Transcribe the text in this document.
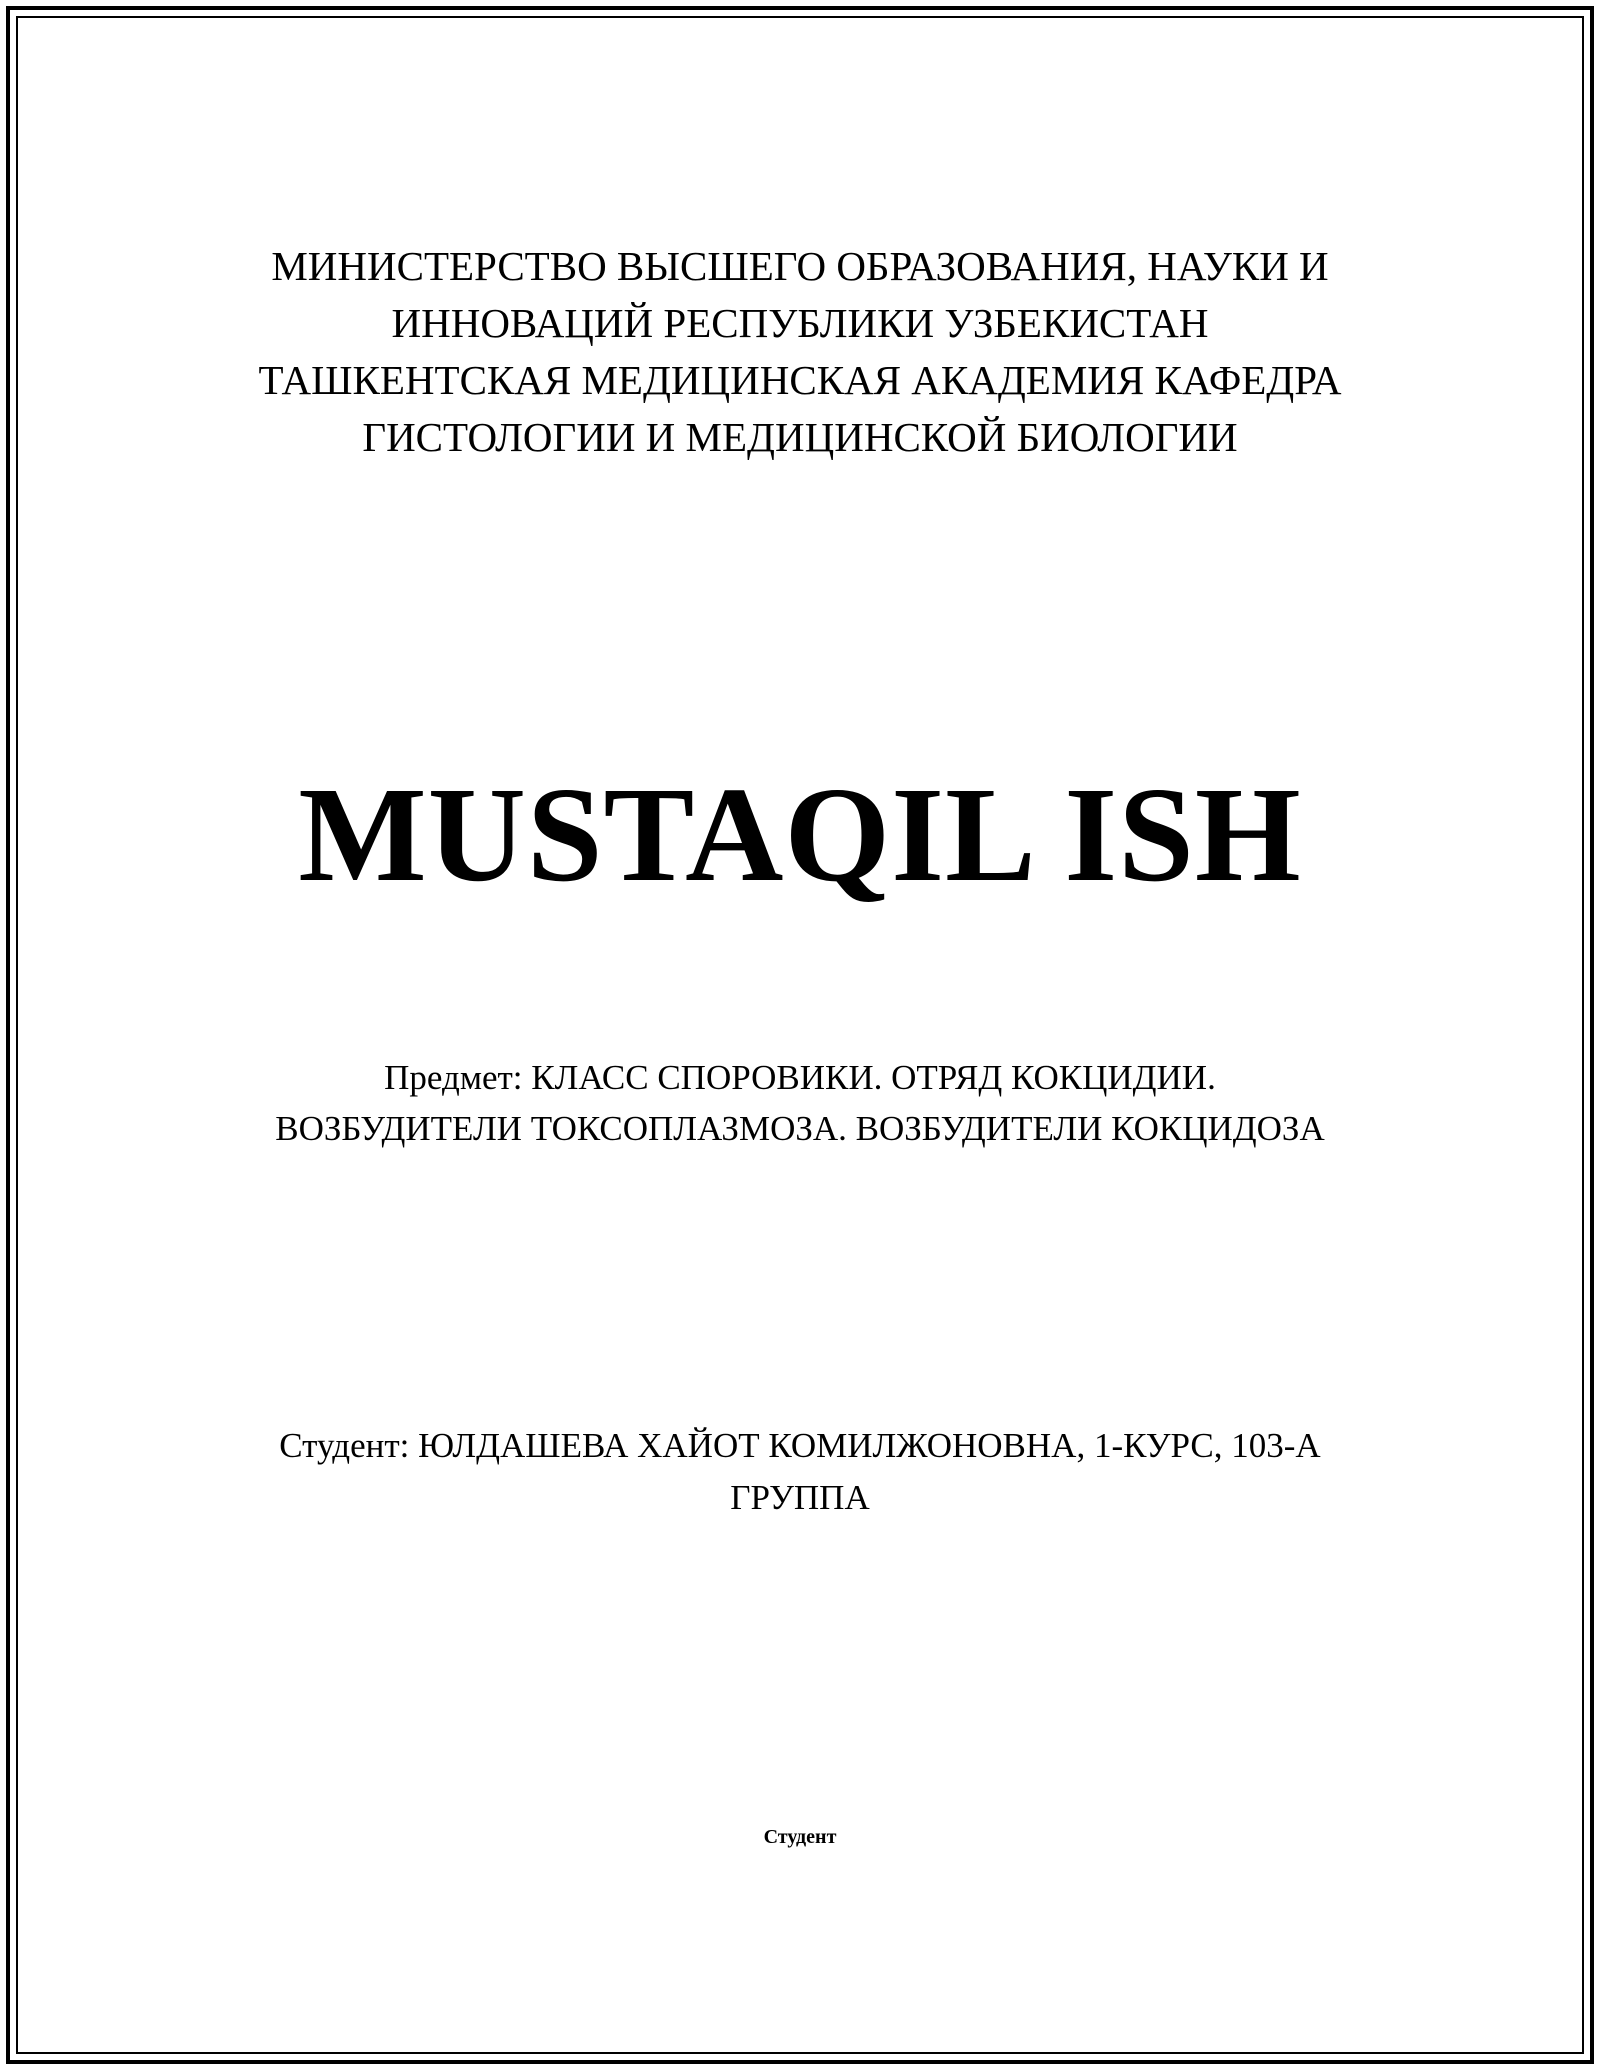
МИНИСТЕРСТВО ВЫСШЕГО ОБРАЗОВАНИЯ, НАУКИ И
ИННОВАЦИЙ РЕСПУБЛИКИ УЗБЕКИСТАН
ТАШКЕНТСКАЯ МЕДИЦИНСКАЯ АКАДЕМИЯ КАФЕДРА
ГИСТОЛОГИИ И МЕДИЦИНСКОЙ БИОЛОГИИ
MUSTAQIL ISH
Предмет: КЛАСС СПОРОВИКИ. ОТРЯД КОКЦИДИИ.
ВОЗБУДИТЕЛИ ТОКСОПЛАЗМОЗА. ВОЗБУДИТЕЛИ КОКЦИДОЗА
Студент: ЮЛДАШЕВА ХАЙОТ КОМИЛЖОНОВНА, 1-КУРС, 103-А
ГРУППА
Студент
